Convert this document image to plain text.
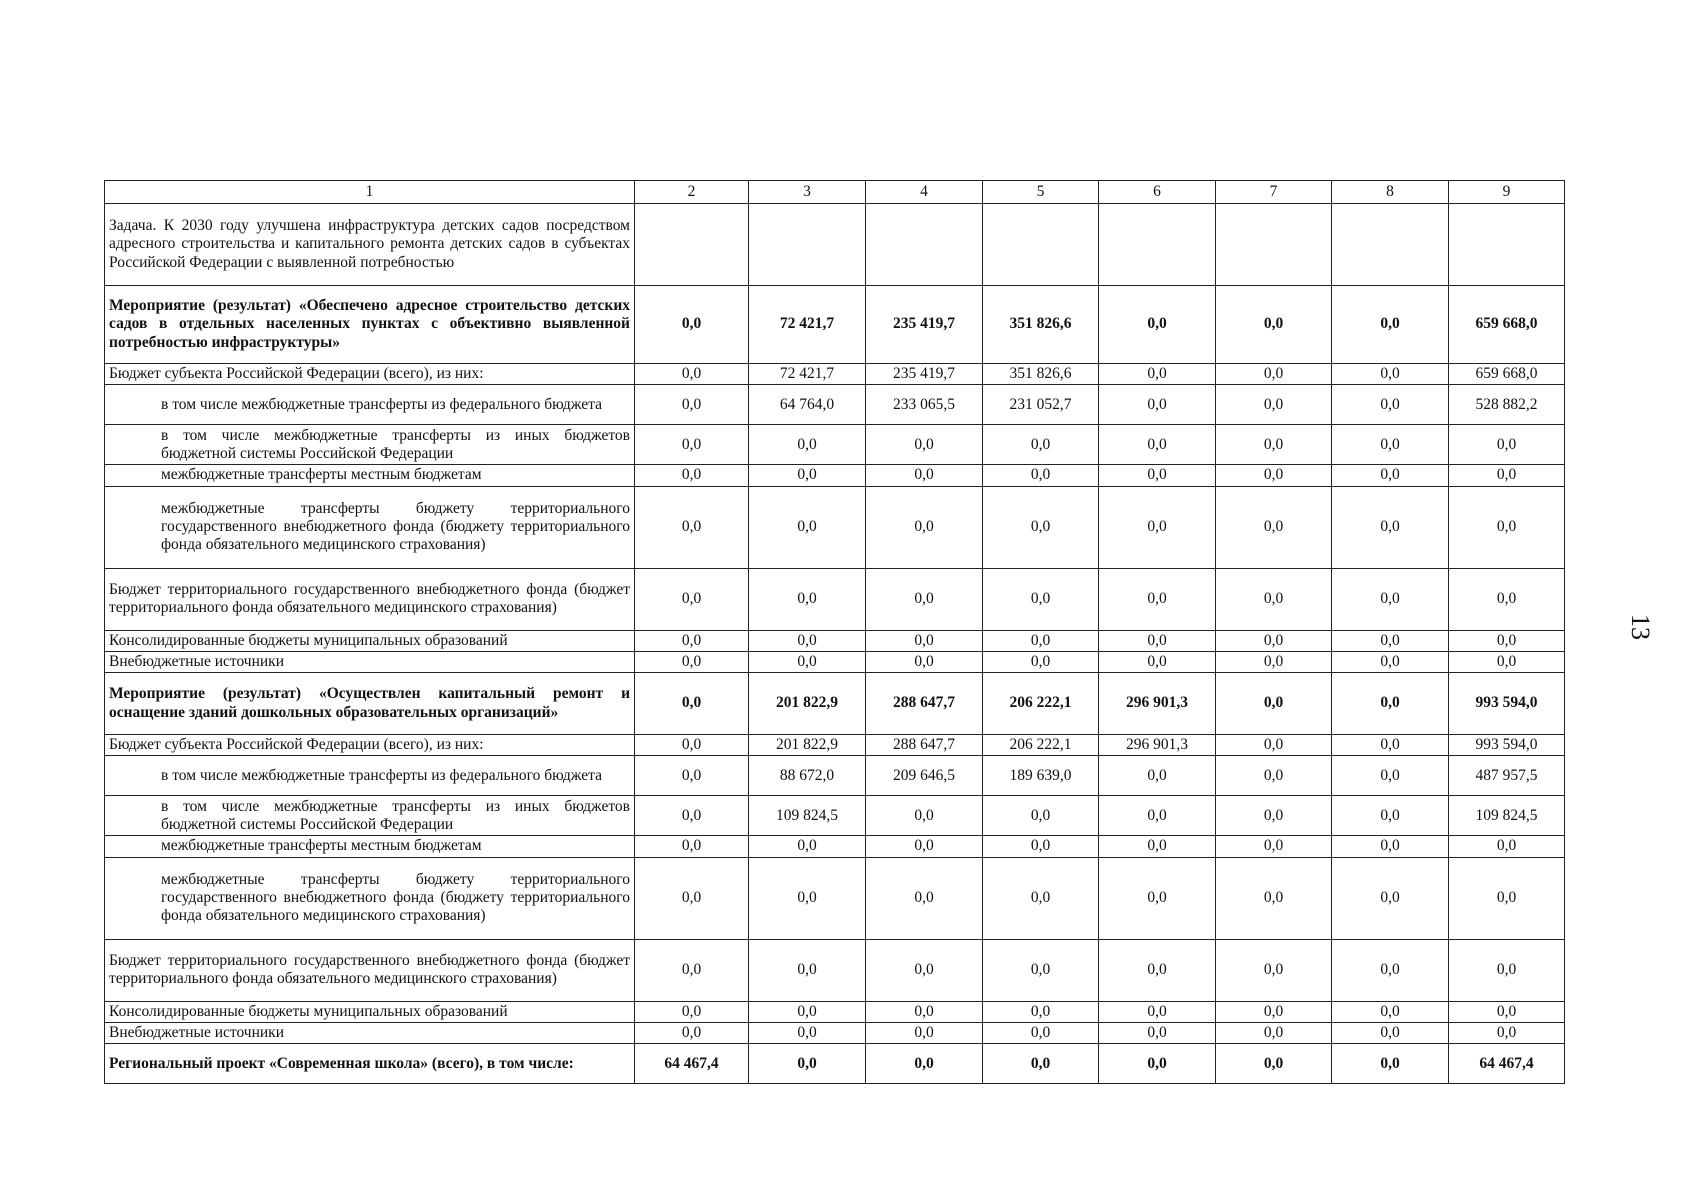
13
1	2	3	4	5	6	7	8	9
Задача. К 2030 году улучшена инфраструктура детских садов посредством адресного строительства и капитального ремонта детских садов в субъектах Российской Федерации с выявленной потребностью								
Мероприятие (результат) «Обеспечено адресное строительство детских садов в отдельных населенных пунктах с объективно выявленной потребностью инфраструктуры»	0,0	72 421,7	235 419,7	351 826,6	0,0	0,0	0,0	659 668,0
Бюджет субъекта Российской Федерации (всего), из них:	0,0	72 421,7	235 419,7	351 826,6	0,0	0,0	0,0	659 668,0
в том числе межбюджетные трансферты из федерального бюджета	0,0	64 764,0	233 065,5	231 052,7	0,0	0,0	0,0	528 882,2
в том числе межбюджетные трансферты из иных бюджетов бюджетной системы Российской Федерации	0,0	0,0	0,0	0,0	0,0	0,0	0,0	0,0
межбюджетные трансферты местным бюджетам	0,0	0,0	0,0	0,0	0,0	0,0	0,0	0,0
межбюджетные трансферты бюджету территориального государственного внебюджетного фонда (бюджету территориального фонда обязательного медицинского страхования)	0,0	0,0	0,0	0,0	0,0	0,0	0,0	0,0
Бюджет территориального государственного внебюджетного фонда (бюджет территориального фонда обязательного медицинского страхования)	0,0	0,0	0,0	0,0	0,0	0,0	0,0	0,0
Консолидированные бюджеты муниципальных образований	0,0	0,0	0,0	0,0	0,0	0,0	0,0	0,0
Внебюджетные источники	0,0	0,0	0,0	0,0	0,0	0,0	0,0	0,0
Мероприятие (результат) «Осуществлен капитальный ремонт и оснащение зданий дошкольных образовательных организаций»	0,0	201 822,9	288 647,7	206 222,1	296 901,3	0,0	0,0	993 594,0
Бюджет субъекта Российской Федерации (всего), из них:	0,0	201 822,9	288 647,7	206 222,1	296 901,3	0,0	0,0	993 594,0
в том числе межбюджетные трансферты из федерального бюджета	0,0	88 672,0	209 646,5	189 639,0	0,0	0,0	0,0	487 957,5
в том числе межбюджетные трансферты из иных бюджетов бюджетной системы Российской Федерации	0,0	109 824,5	0,0	0,0	0,0	0,0	0,0	109 824,5
межбюджетные трансферты местным бюджетам	0,0	0,0	0,0	0,0	0,0	0,0	0,0	0,0
межбюджетные трансферты бюджету территориального государственного внебюджетного фонда (бюджету территориального фонда обязательного медицинского страхования)	0,0	0,0	0,0	0,0	0,0	0,0	0,0	0,0
Бюджет территориального государственного внебюджетного фонда (бюджет территориального фонда обязательного медицинского страхования)	0,0	0,0	0,0	0,0	0,0	0,0	0,0	0,0
Консолидированные бюджеты муниципальных образований	0,0	0,0	0,0	0,0	0,0	0,0	0,0	0,0
Внебюджетные источники	0,0	0,0	0,0	0,0	0,0	0,0	0,0	0,0
Региональный проект «Современная школа» (всего), в том числе:	64 467,4	0,0	0,0	0,0	0,0	0,0	0,0	64 467,4
